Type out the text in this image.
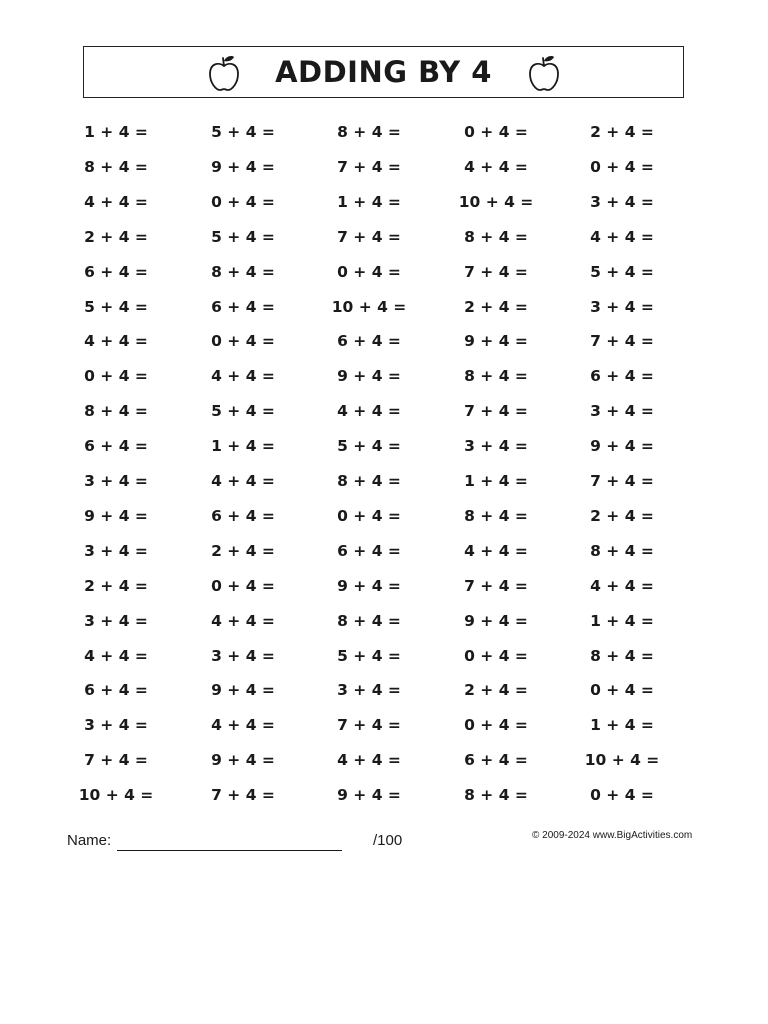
ADDING BY 4
1 + 4 =	5 + 4 =	8 + 4 =	0 + 4 =	2 + 4 =
8 + 4 =	9 + 4 =	7 + 4 =	4 + 4 =	0 + 4 =
4 + 4 =	0 + 4 =	1 + 4 =	10 + 4 =	3 + 4 =
2 + 4 =	5 + 4 =	7 + 4 =	8 + 4 =	4 + 4 =
6 + 4 =	8 + 4 =	0 + 4 =	7 + 4 =	5 + 4 =
5 + 4 =	6 + 4 =	10 + 4 =	2 + 4 =	3 + 4 =
4 + 4 =	0 + 4 =	6 + 4 =	9 + 4 =	7 + 4 =
0 + 4 =	4 + 4 =	9 + 4 =	8 + 4 =	6 + 4 =
8 + 4 =	5 + 4 =	4 + 4 =	7 + 4 =	3 + 4 =
6 + 4 =	1 + 4 =	5 + 4 =	3 + 4 =	9 + 4 =
3 + 4 =	4 + 4 =	8 + 4 =	1 + 4 =	7 + 4 =
9 + 4 =	6 + 4 =	0 + 4 =	8 + 4 =	2 + 4 =
3 + 4 =	2 + 4 =	6 + 4 =	4 + 4 =	8 + 4 =
2 + 4 =	0 + 4 =	9 + 4 =	7 + 4 =	4 + 4 =
3 + 4 =	4 + 4 =	8 + 4 =	9 + 4 =	1 + 4 =
4 + 4 =	3 + 4 =	5 + 4 =	0 + 4 =	8 + 4 =
6 + 4 =	9 + 4 =	3 + 4 =	2 + 4 =	0 + 4 =
3 + 4 =	4 + 4 =	7 + 4 =	0 + 4 =	1 + 4 =
7 + 4 =	9 + 4 =	4 + 4 =	6 + 4 =	10 + 4 =
10 + 4 =	7 + 4 =	9 + 4 =	8 + 4 =	0 + 4 =
Name:	/100	© 2009-2024 www.BigActivities.com
